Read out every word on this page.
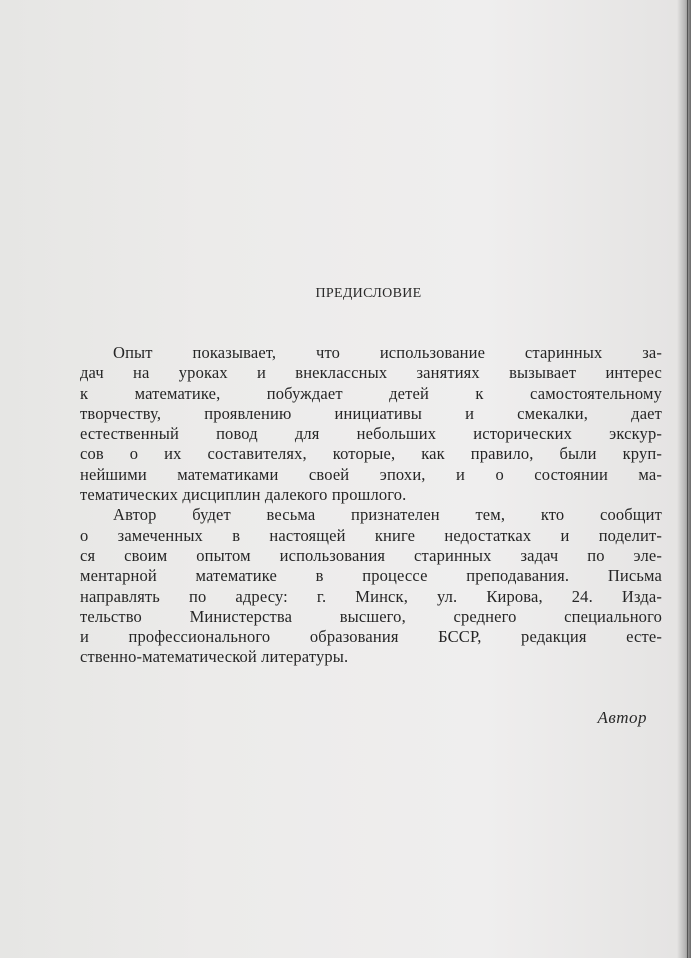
ПРЕДИСЛОВИЕ
Опыт показывает, что использование старинных за-
дач на уроках и внеклассных занятиях вызывает интерес
к математике, побуждает детей к самостоятельному
творчеству, проявлению инициативы и смекалки, дает
естественный повод для небольших исторических экскур-
сов о их составителях, которые, как правило, были круп-
нейшими математиками своей эпохи, и о состоянии ма-
тематических дисциплин далекого прошлого.
Автор будет весьма признателен тем, кто сообщит
о замеченных в настоящей книге недостатках и поделит-
ся своим опытом использования старинных задач по эле-
ментарной математике в процессе преподавания. Письма
направлять по адресу: г. Минск, ул. Кирова, 24. Изда-
тельство Министерства высшего, среднего специального
и профессионального образования БССР, редакция есте-
ственно-математической литературы.
Автор
